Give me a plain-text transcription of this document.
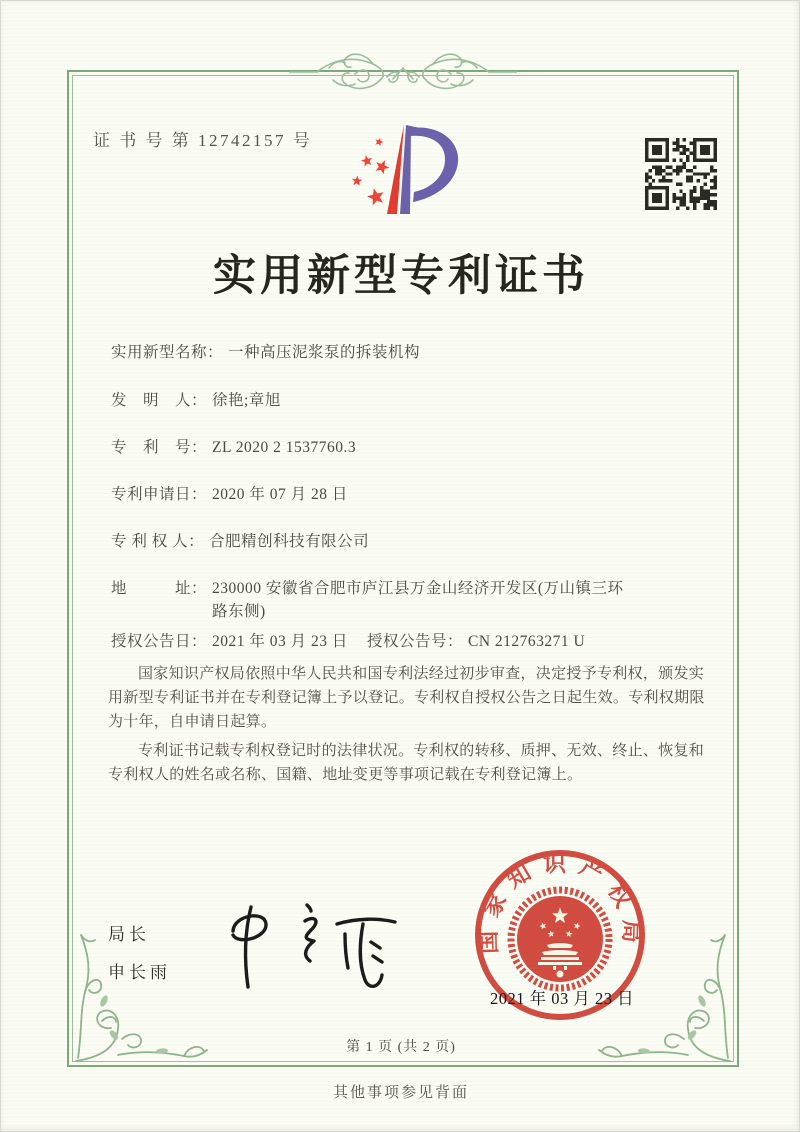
证 书 号 第 12742157 号
实用新型专利证书
实用新型名称： 一种高压泥浆泵的拆装机构
发　明　人： 徐艳;章旭
专　利　号： ZL 2020 2 1537760.3
专利申请日： 2020 年 07 月 28 日
专 利 权 人： 合肥精创科技有限公司
地　　　址： 230000 安徽省合肥市庐江县万金山经济开发区(万山镇三环路东侧)
授权公告日： 2021 年 03 月 23 日 授权公告号： CN 212763271 U

国家知识产权局依照中华人民共和国专利法经过初步审查，决定授予专利权，颁发实用新型专利证书并在专利登记簿上予以登记。专利权自授权公告之日起生效。专利权期限为十年，自申请日起算。

专利证书记载专利权登记时的法律状况。专利权的转移、质押、无效、终止、恢复和专利权人的姓名或名称、国籍、地址变更等事项记载在专利登记簿上。

局长
申长雨
国家知识产权局
2021 年 03 月 23 日
第 1 页 (共 2 页)
其他事项参见背面
